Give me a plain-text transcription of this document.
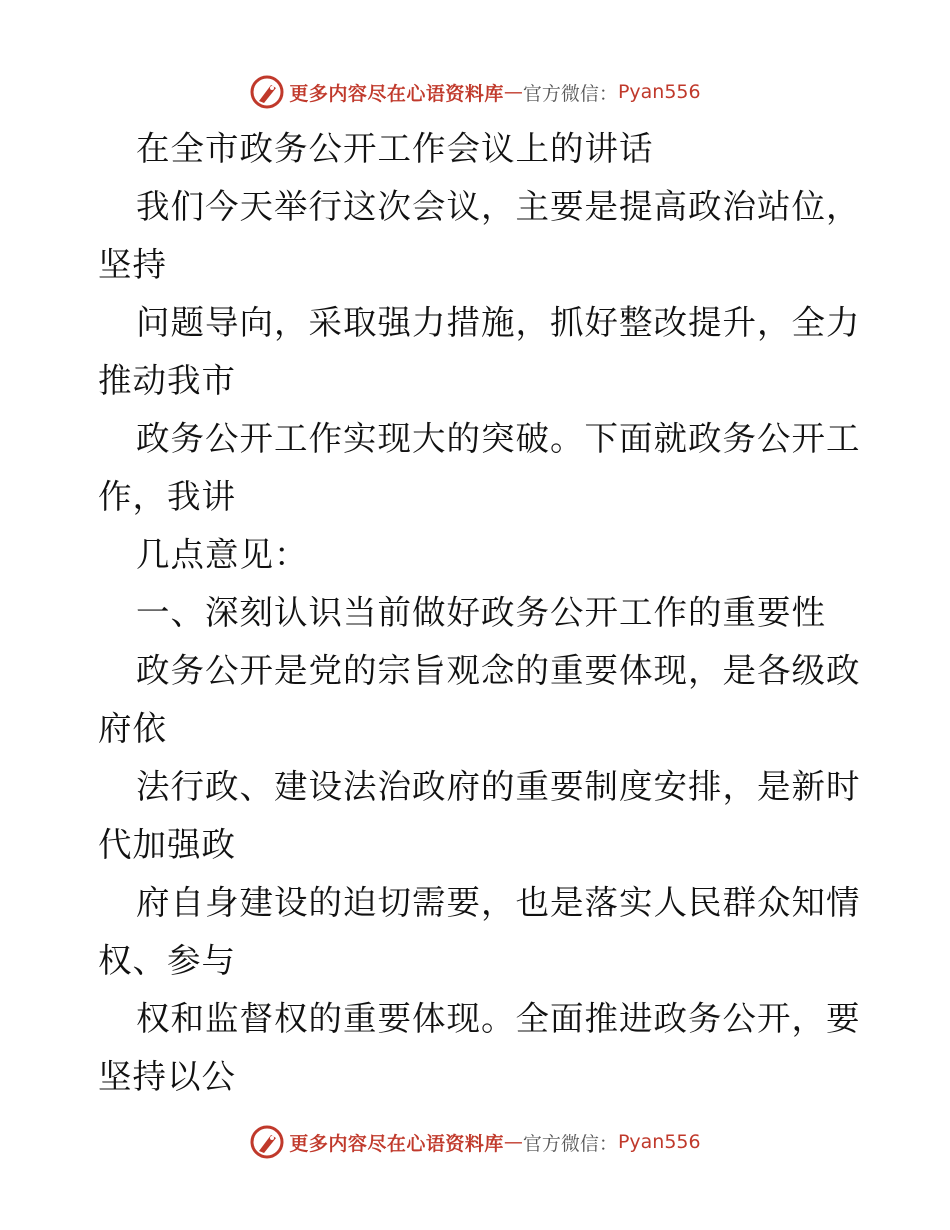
更多内容尽在心语资料库 — 官方微信： Pyan556
在全市政务公开工作会议上的讲话
我们今天举行这次会议，主要是提高政治站位，
坚持
问题导向，采取强力措施，抓好整改提升，全力
推动我市
政务公开工作实现大的突破。下面就政务公开工
作，我讲
几点意见：
一、深刻认识当前做好政务公开工作的重要性
政务公开是党的宗旨观念的重要体现，是各级政
府依
法行政、建设法治政府的重要制度安排，是新时
代加强政
府自身建设的迫切需要，也是落实人民群众知情
权、参与
权和监督权的重要体现。全面推进政务公开，要
坚持以公
更多内容尽在心语资料库 — 官方微信： Pyan556
